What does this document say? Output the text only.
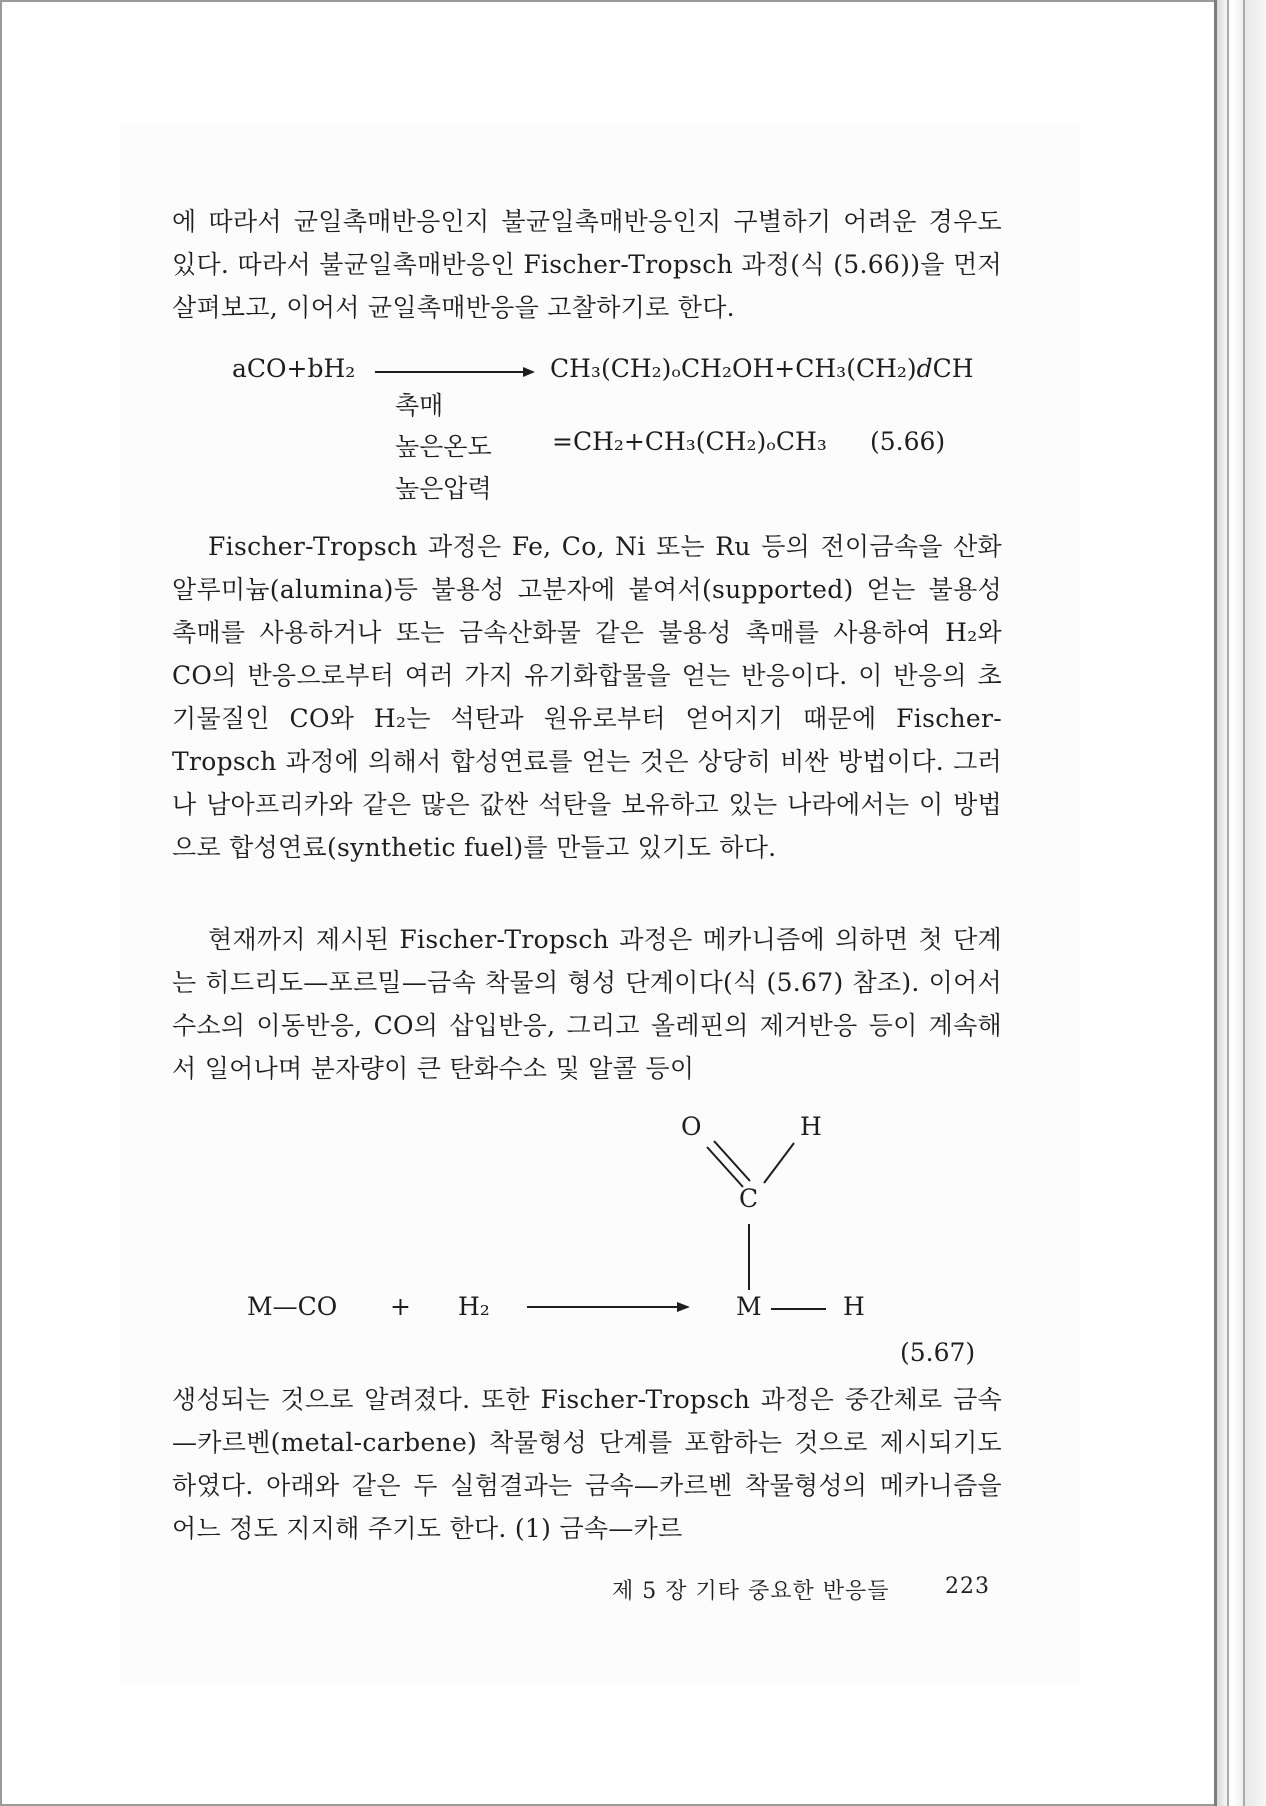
에 따라서 균일촉매반응인지 불균일촉매반응인지 구별하기 어려운 경우도 있다. 따라서 불균일촉매반응인 Fischer-Tropsch 과정(식 (5.66))을 먼저 살펴보고, 이어서 균일촉매반응을 고찰하기로 한다.

aCO+bH₂	CH₃(CH₂)ₒCH₂OH+CH₃(CH₂)dCH
촉매
높은온도 =CH₂+CH₃(CH₂)ₒCH₃ (5.66)
높은압력

Fischer-Tropsch 과정은 Fe, Co, Ni 또는 Ru 등의 전이금속을 산화알루미늄(alumina)등 불용성 고분자에 붙여서(supported) 얻는 불용성 촉매를 사용하거나 또는 금속산화물 같은 불용성 촉매를 사용하여 H₂와 CO의 반응으로부터 여러 가지 유기화합물을 얻는 반응이다. 이 반응의 초기물질인 CO와 H₂는 석탄과 원유로부터 얻어지기 때문에 Fischer-Tropsch 과정에 의해서 합성연료를 얻는 것은 상당히 비싼 방법이다. 그러나 남아프리카와 같은 많은 값싼 석탄을 보유하고 있는 나라에서는 이 방법으로 합성연료(synthetic fuel)를 만들고 있기도 하다.

현재까지 제시된 Fischer-Tropsch 과정은 메카니즘에 의하면 첫 단계는 히드리도—포르밀—금속 착물의 형성 단계이다(식 (5.67) 참조). 이어서 수소의 이동반응, CO의 삽입반응, 그리고 올레핀의 제거반응 등이 계속해서 일어나며 분자량이 큰 탄화수소 및 알콜 등이

O	H
C
M—CO + H₂	M	H
(5.67)

생성되는 것으로 알려졌다. 또한 Fischer-Tropsch 과정은 중간체로 금속—카르벤(metal-carbene) 착물형성 단계를 포함하는 것으로 제시되기도 하였다. 아래와 같은 두 실험결과는 금속—카르벤 착물형성의 메카니즘을 어느 정도 지지해 주기도 한다. (1) 금속—카르

제 5 장 기타 중요한 반응들	223
